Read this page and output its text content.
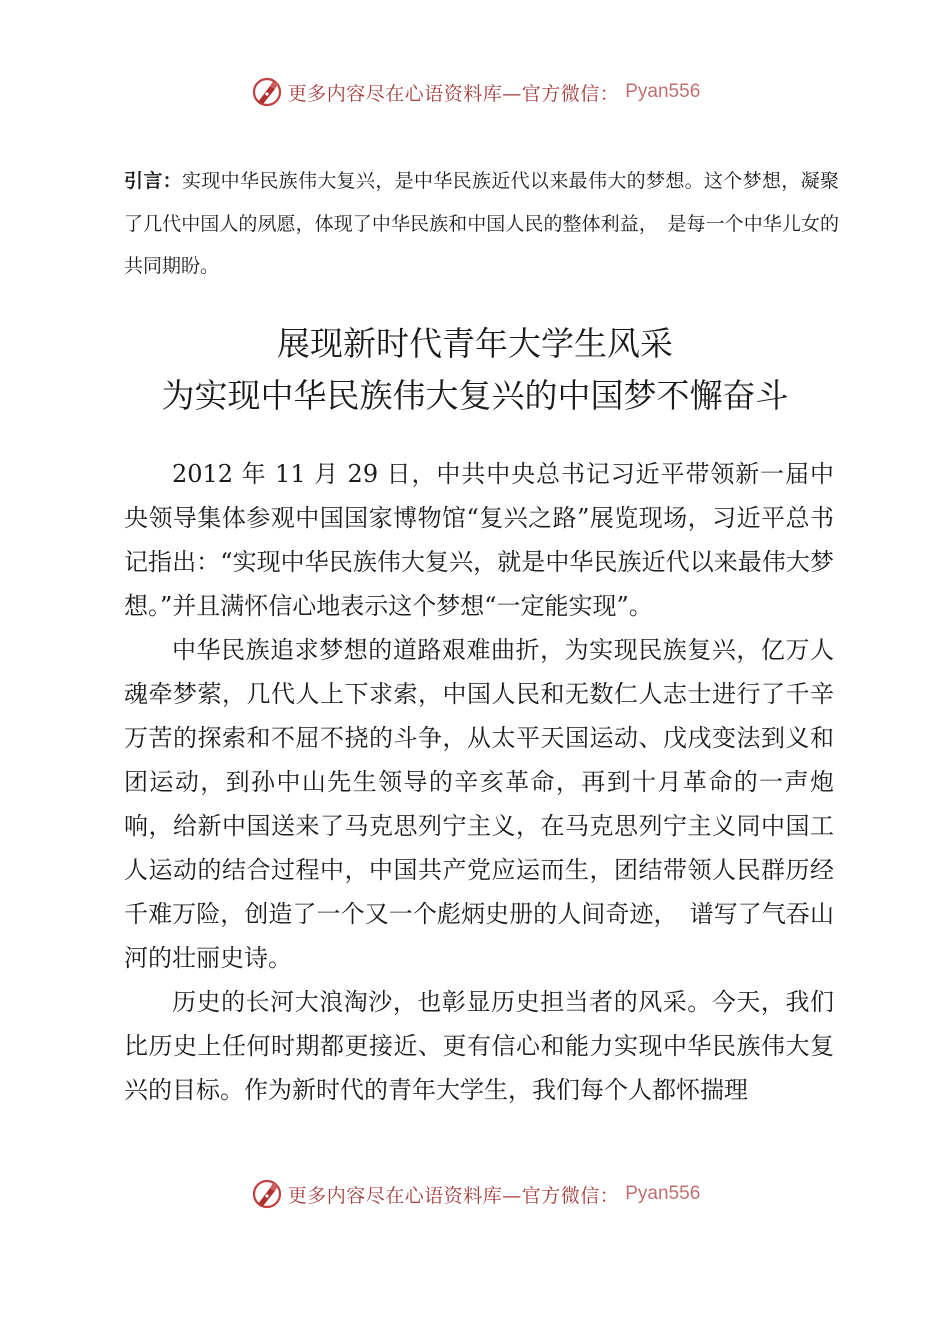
更多内容尽在心语资料库—官方微信： Pyan556
引言：实现中华民族伟大复兴，是中华民族近代以来最伟大的梦想。这个梦想，凝聚了几代中国人的夙愿，体现了中华民族和中国人民的整体利益，　是每一个中华儿女的共同期盼。
展现新时代青年大学生风采
为实现中华民族伟大复兴的中国梦不懈奋斗

2012 年 11 月 29 日，中共中央总书记习近平带领新一届中央领导集体参观中国国家博物馆“复兴之路”展览现场，习近平总书记指出：“实现中华民族伟大复兴，就是中华民族近代以来最伟大梦想。”并且满怀信心地表示这个梦想“一定能实现”。

中华民族追求梦想的道路艰难曲折，为实现民族复兴，亿万人魂牵梦萦，几代人上下求索，中国人民和无数仁人志士进行了千辛万苦的探索和不屈不挠的斗争，从太平天国运动、戊戌变法到义和团运动，到孙中山先生领导的辛亥革命，再到十月革命的一声炮响，给新中国送来了马克思列宁主义，在马克思列宁主义同中国工人运动的结合过程中，中国共产党应运而生，团结带领人民群历经千难万险，创造了一个又一个彪炳史册的人间奇迹，　谱写了气吞山河的壮丽史诗。

历史的长河大浪淘沙，也彰显历史担当者的风采。今天，我们比历史上任何时期都更接近、更有信心和能力实现中华民族伟大复兴的目标。作为新时代的青年大学生，我们每个人都怀揣理

更多内容尽在心语资料库—官方微信： Pyan556
